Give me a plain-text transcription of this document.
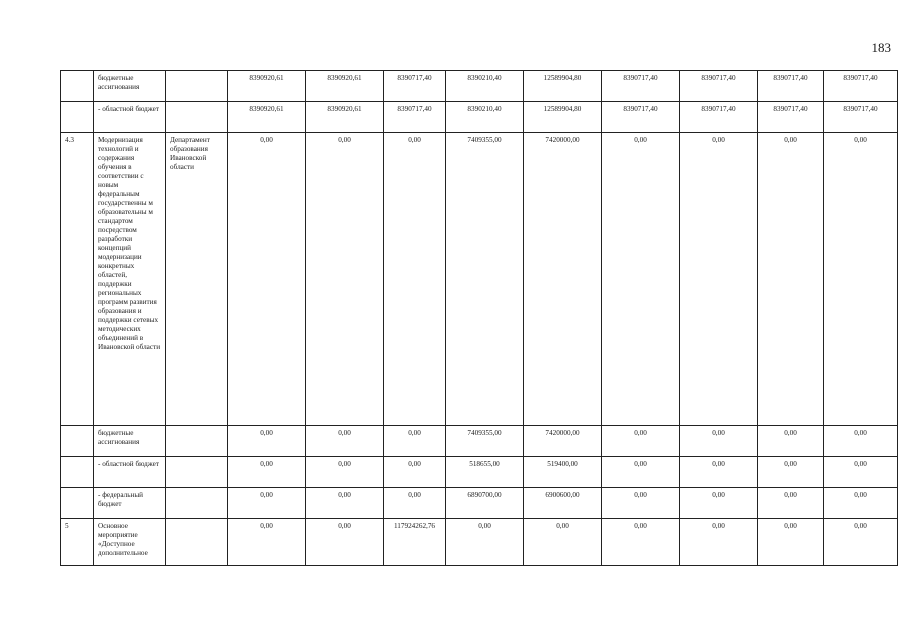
183
	бюджетные ассигнования		8390920,61	8390920,61	8390717,40	8390210,40	12589904,80	8390717,40	8390717,40	8390717,40	8390717,40
	- областной бюджет		8390920,61	8390920,61	8390717,40	8390210,40	12589904,80	8390717,40	8390717,40	8390717,40	8390717,40
4.3	Модернизация технологий и содержания обучения в соответствии с новым федеральным государственны м образовательны м стандартом посредством разработки концепций модернизации конкретных областей, поддержки региональных программ развития образования и поддержки сетевых методических объединений в Ивановской области	Департамент образования Ивановской области	0,00	0,00	0,00	7409355,00	7420000,00	0,00	0,00	0,00	0,00
	бюджетные ассигнования		0,00	0,00	0,00	7409355,00	7420000,00	0,00	0,00	0,00	0,00
	- областной бюджет		0,00	0,00	0,00	518655,00	519400,00	0,00	0,00	0,00	0,00
	- федеральный бюджет		0,00	0,00	0,00	6890700,00	6900600,00	0,00	0,00	0,00	0,00
5	Основное мероприятие «Доступное дополнительное		0,00	0,00	117924262,76	0,00	0,00	0,00	0,00	0,00	0,00
